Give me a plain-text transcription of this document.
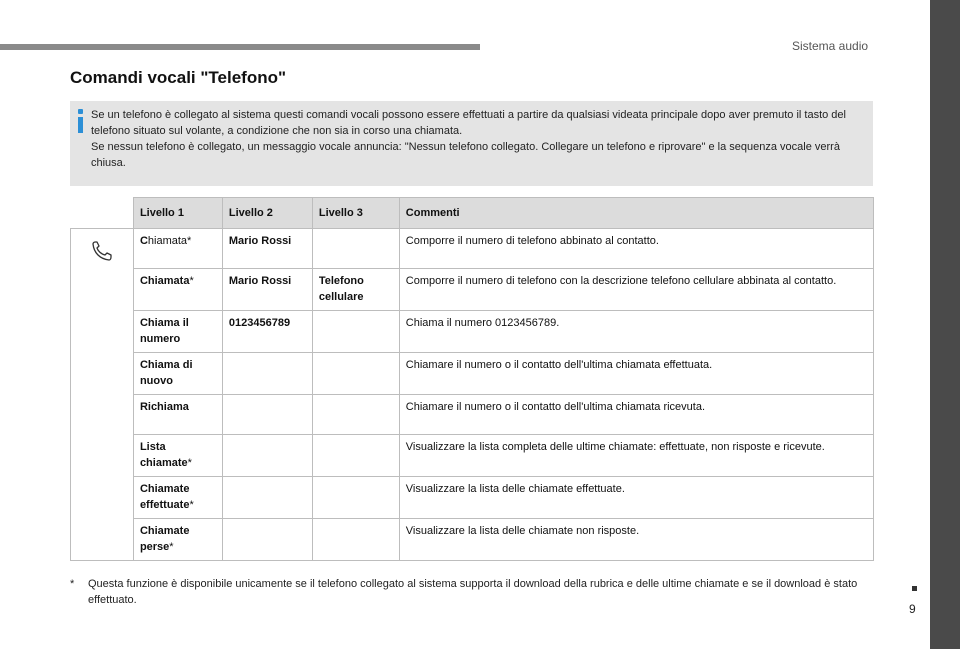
Sistema audio
9
Comandi vocali "Telefono"
Se un telefono è collegato al sistema questi comandi vocali possono essere effettuati a partire da qualsiasi videata principale dopo aver premuto il tasto del telefono situato sul volante, a condizione che non sia in corso una chiamata.
Se nessun telefono è collegato, un messaggio vocale annuncia: "Nessun telefono collegato. Collegare un telefono e riprovare" e la sequenza vocale verrà chiusa.
	Livello 1	Livello 2	Livello 3	Commenti

	Chiamata*	Mario Rossi		Comporre il numero di telefono abbinato al contatto.
	Chiamata*	Mario Rossi	Telefono cellulare	Comporre il numero di telefono con la descrizione telefono cellulare abbinata al contatto.
	Chiama il numero	0123456789		Chiama il numero 0123456789.
	Chiama di nuovo			Chiamare il numero o il contatto dell'ultima chiamata effettuata.
	Richiama			Chiamare il numero o il contatto dell'ultima chiamata ricevuta.
	Lista chiamate*			Visualizzare la lista completa delle ultime chiamate: effettuate, non risposte e ricevute.
	Chiamate effettuate*			Visualizzare la lista delle chiamate effettuate.
	Chiamate perse*			Visualizzare la lista delle chiamate non risposte.
* Questa funzione è disponibile unicamente se il telefono collegato al sistema supporta il download della rubrica e delle ultime chiamate e se il download è stato effettuato.
